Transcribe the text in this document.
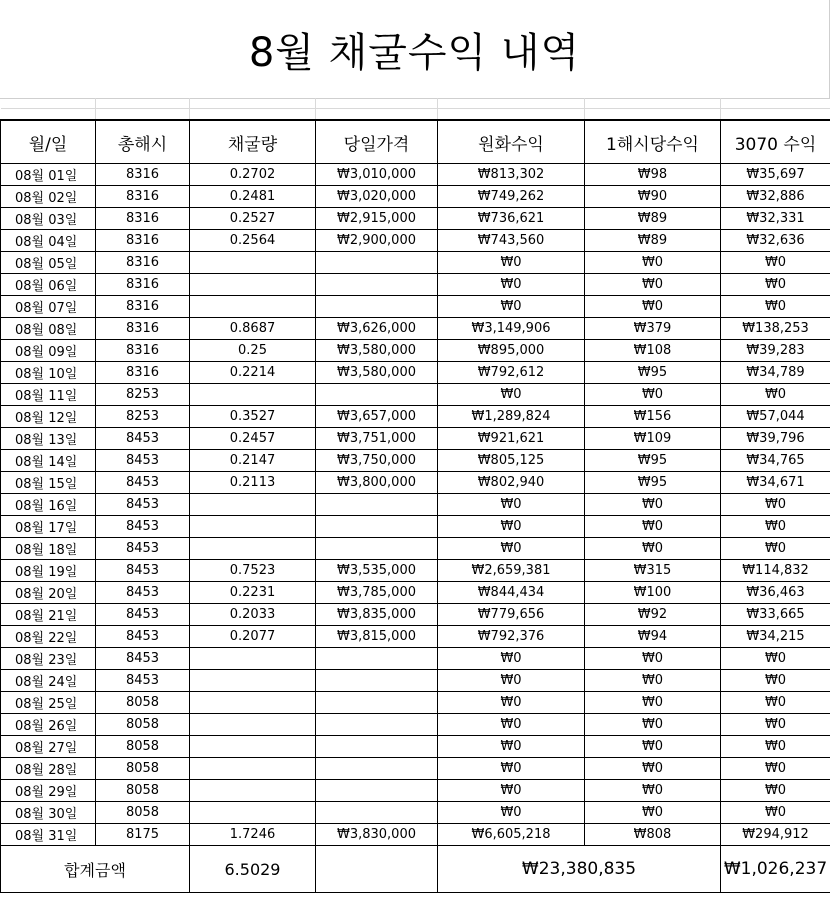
8월 채굴수익 내역

월/일	총해시	채굴량	당일가격	원화수익	1해시당수익	3070 수익
08월 01일	8316	0.2702	₩3,010,000	₩813,302	₩98	₩35,697
08월 02일	8316	0.2481	₩3,020,000	₩749,262	₩90	₩32,886
08월 03일	8316	0.2527	₩2,915,000	₩736,621	₩89	₩32,331
08월 04일	8316	0.2564	₩2,900,000	₩743,560	₩89	₩32,636
08월 05일	8316			₩0	₩0	₩0
08월 06일	8316			₩0	₩0	₩0
08월 07일	8316			₩0	₩0	₩0
08월 08일	8316	0.8687	₩3,626,000	₩3,149,906	₩379	₩138,253
08월 09일	8316	0.25	₩3,580,000	₩895,000	₩108	₩39,283
08월 10일	8316	0.2214	₩3,580,000	₩792,612	₩95	₩34,789
08월 11일	8253			₩0	₩0	₩0
08월 12일	8253	0.3527	₩3,657,000	₩1,289,824	₩156	₩57,044
08월 13일	8453	0.2457	₩3,751,000	₩921,621	₩109	₩39,796
08월 14일	8453	0.2147	₩3,750,000	₩805,125	₩95	₩34,765
08월 15일	8453	0.2113	₩3,800,000	₩802,940	₩95	₩34,671
08월 16일	8453			₩0	₩0	₩0
08월 17일	8453			₩0	₩0	₩0
08월 18일	8453			₩0	₩0	₩0
08월 19일	8453	0.7523	₩3,535,000	₩2,659,381	₩315	₩114,832
08월 20일	8453	0.2231	₩3,785,000	₩844,434	₩100	₩36,463
08월 21일	8453	0.2033	₩3,835,000	₩779,656	₩92	₩33,665
08월 22일	8453	0.2077	₩3,815,000	₩792,376	₩94	₩34,215
08월 23일	8453			₩0	₩0	₩0
08월 24일	8453			₩0	₩0	₩0
08월 25일	8058			₩0	₩0	₩0
08월 26일	8058			₩0	₩0	₩0
08월 27일	8058			₩0	₩0	₩0
08월 28일	8058			₩0	₩0	₩0
08월 29일	8058			₩0	₩0	₩0
08월 30일	8058			₩0	₩0	₩0
08월 31일	8175	1.7246	₩3,830,000	₩6,605,218	₩808	₩294,912
합계금액		6.5029		₩23,380,835		₩1,026,237
